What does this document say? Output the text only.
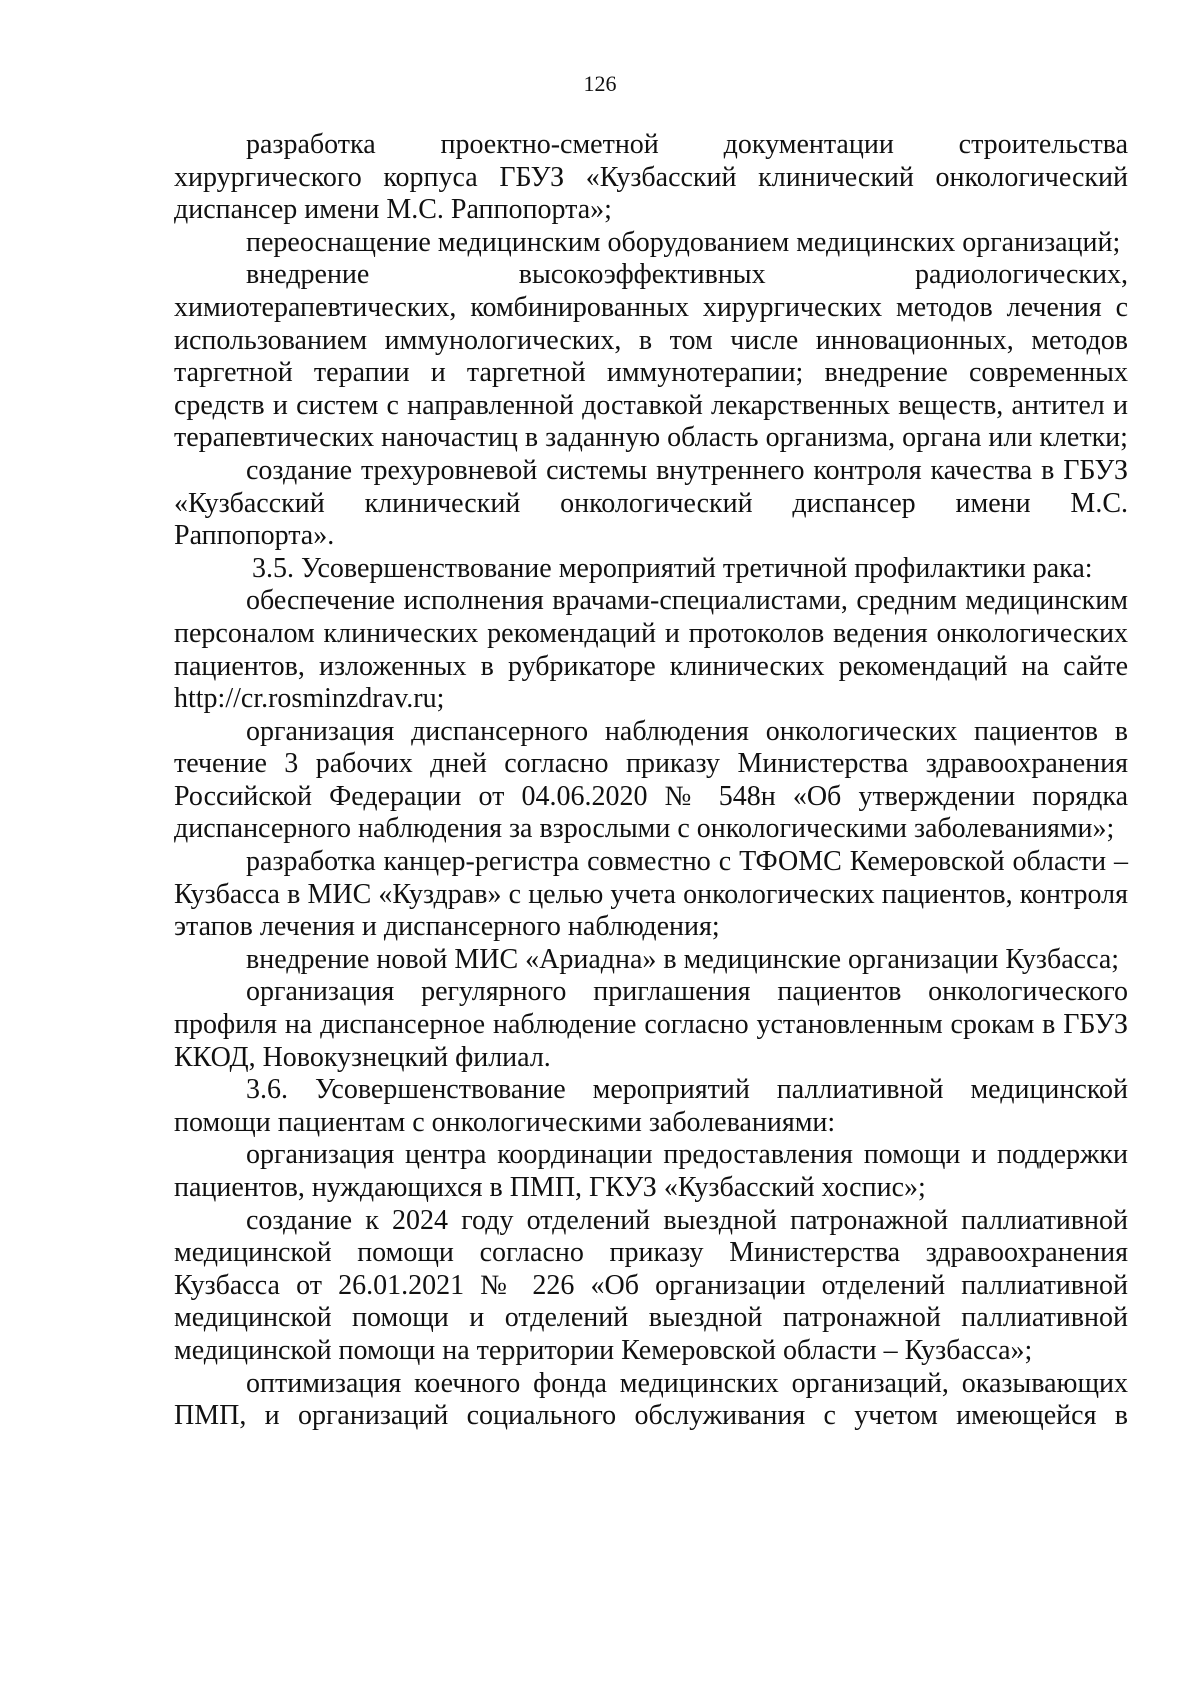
126

разработка проектно-сметной документации строительства хирургического корпуса ГБУЗ «Кузбасский клинический онкологический диспансер имени М.С. Раппопорта»;

переоснащение медицинским оборудованием медицинских организаций;

внедрение высокоэффективных радиологических, химиотерапевтических, комбинированных хирургических методов лечения с использованием иммунологических, в том числе инновационных, методов таргетной терапии и таргетной иммунотерапии; внедрение современных средств и систем с направленной доставкой лекарственных веществ, антител и терапевтических наночастиц в заданную область организма, органа или клетки;

создание трехуровневой системы внутреннего контроля качества в ГБУЗ «Кузбасский клинический онкологический диспансер имени М.С. Раппопорта».

3.5. Усовершенствование мероприятий третичной профилактики рака:

обеспечение исполнения врачами-специалистами, средним медицинским персоналом клинических рекомендаций и протоколов ведения онкологических пациентов, изложенных в рубрикаторе клинических рекомендаций на сайте http://cr.rosminzdrav.ru;

организация диспансерного наблюдения онкологических пациентов в течение 3 рабочих дней согласно приказу Министерства здравоохранения Российской Федерации от 04.06.2020 № 548н «Об утверждении порядка диспансерного наблюдения за взрослыми с онкологическими заболеваниями»;

разработка канцер-регистра совместно с ТФОМС Кемеровской области – Кузбасса в МИС «Куздрав» с целью учета онкологических пациентов, контроля этапов лечения и диспансерного наблюдения;

внедрение новой МИС «Ариадна» в медицинские организации Кузбасса;

организация регулярного приглашения пациентов онкологического профиля на диспансерное наблюдение согласно установленным срокам в ГБУЗ ККОД, Новокузнецкий филиал.

3.6. Усовершенствование мероприятий паллиативной медицинской помощи пациентам с онкологическими заболеваниями:

организация центра координации предоставления помощи и поддержки пациентов, нуждающихся в ПМП, ГКУЗ «Кузбасский хоспис»;

создание к 2024 году отделений выездной патронажной паллиативной медицинской помощи согласно приказу Министерства здравоохранения Кузбасса от 26.01.2021 № 226 «Об организации отделений паллиативной медицинской помощи и отделений выездной патронажной паллиативной медицинской помощи на территории Кемеровской области – Кузбасса»;

оптимизация коечного фонда медицинских организаций, оказывающих ПМП, и организаций социального обслуживания с учетом имеющейся в
